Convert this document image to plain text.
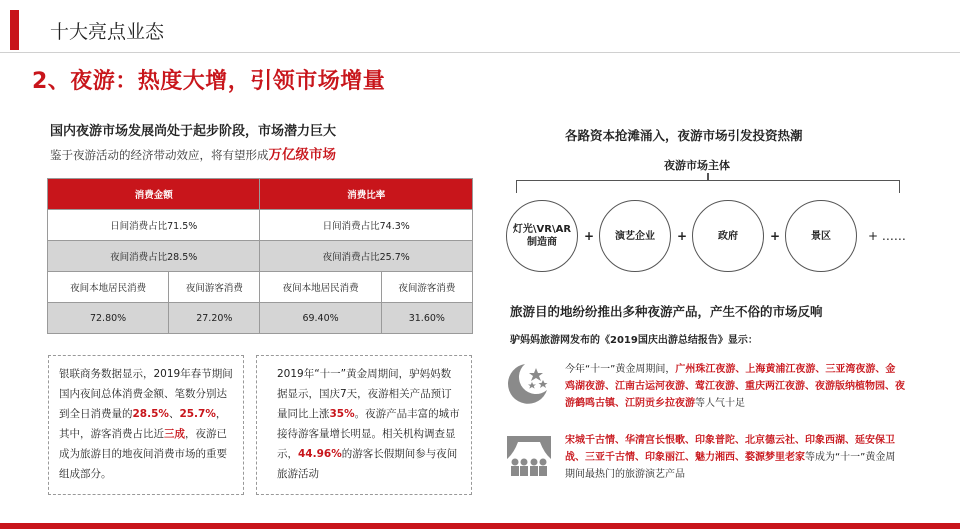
十大亮点业态
2、夜游：热度大增，引领市场增量
国内夜游市场发展尚处于起步阶段，市场潜力巨大
鉴于夜游活动的经济带动效应，将有望形成万亿级市场
消费金额		消费比率	
日间消费占比71.5%		日间消费占比74.3%	
夜间消费占比28.5%		夜间消费占比25.7%	
夜间本地居民消费	夜间游客消费	夜间本地居民消费	夜间游客消费
72.80%	27.20%	69.40%	31.60%
银联商务数据显示，2019年春节期间国内夜间总体消费金额、笔数分别达到全日消费量的28.5%、25.7%，其中，游客消费占比近三成，夜游已成为旅游目的地夜间消费市场的重要组成部分。
2019年“十一”黄金周期间，驴妈妈数据显示，国庆7天，夜游相关产品预订量同比上涨35%。夜游产品丰富的城市接待游客量增长明显。相关机构调查显示，44.96%的游客长假期间参与夜间旅游活动
各路资本抢滩涌入，夜游市场引发投资热潮
夜游市场主体
灯光\VR\AR
制造商	+ 演艺企业 +	政府	+	景区	+ ……
旅游目的地纷纷推出多种夜游产品，产生不俗的市场反响
驴妈妈旅游网发布的《2019国庆出游总结报告》显示：
今年“十一”黄金周期间，广州珠江夜游、上海黄浦江夜游、三亚湾夜游、金鸡湖夜游、江南古运河夜游、莺江夜游、重庆两江夜游、夜游版纳植物园、夜游鹤鸣古镇、江阴贡乡拉夜游等人气十足
宋城千古情、华清宫长恨歌、印象普陀、北京德云社、印象西湖、延安保卫战、三亚千古情、印象丽江、魅力湘西、婺源梦里老家等成为“十一”黄金周期间最热门的旅游演艺产品
